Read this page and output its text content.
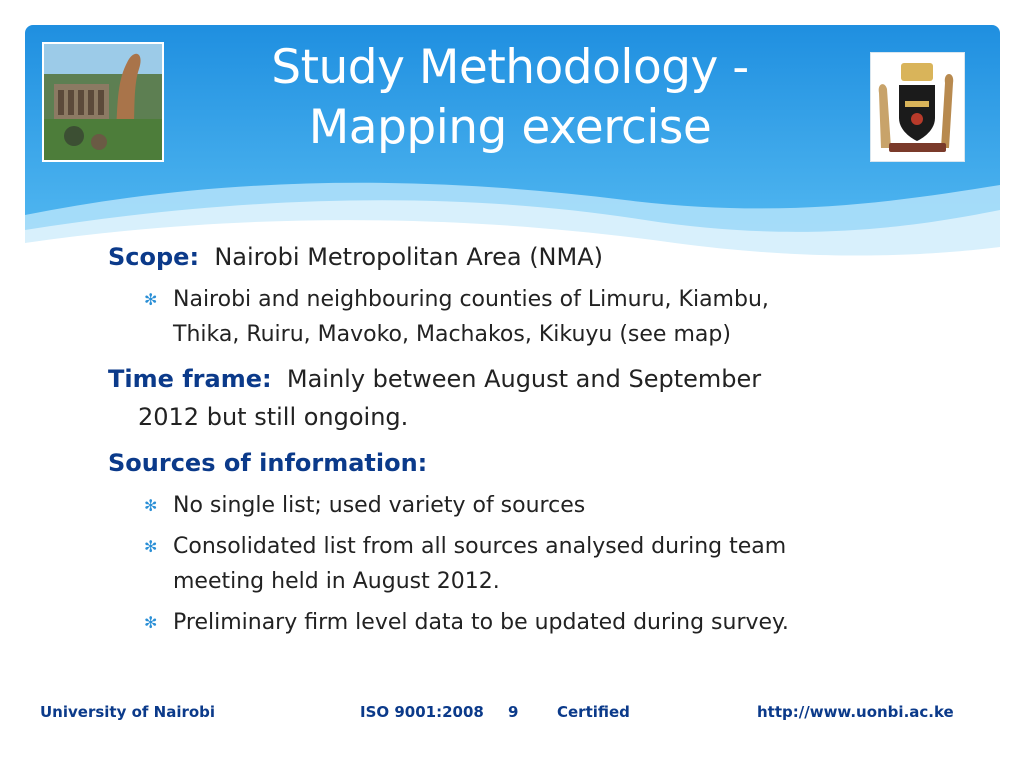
Study Methodology -
Mapping exercise
Scope: Nairobi Metropolitan Area (NMA)
✻ Nairobi and neighbouring counties of Limuru, Kiambu,
Thika, Ruiru, Mavoko, Machakos, Kikuyu (see map)
Time frame: Mainly between August and September
2012 but still ongoing.
Sources of information:
✻ No single list; used variety of sources
✻ Consolidated list from all sources analysed during team
meeting held in August 2012.
✻ Preliminary firm level data to be updated during survey.
University of Nairobi	ISO 9001:2008 9	Certified	http://www.uonbi.ac.ke
